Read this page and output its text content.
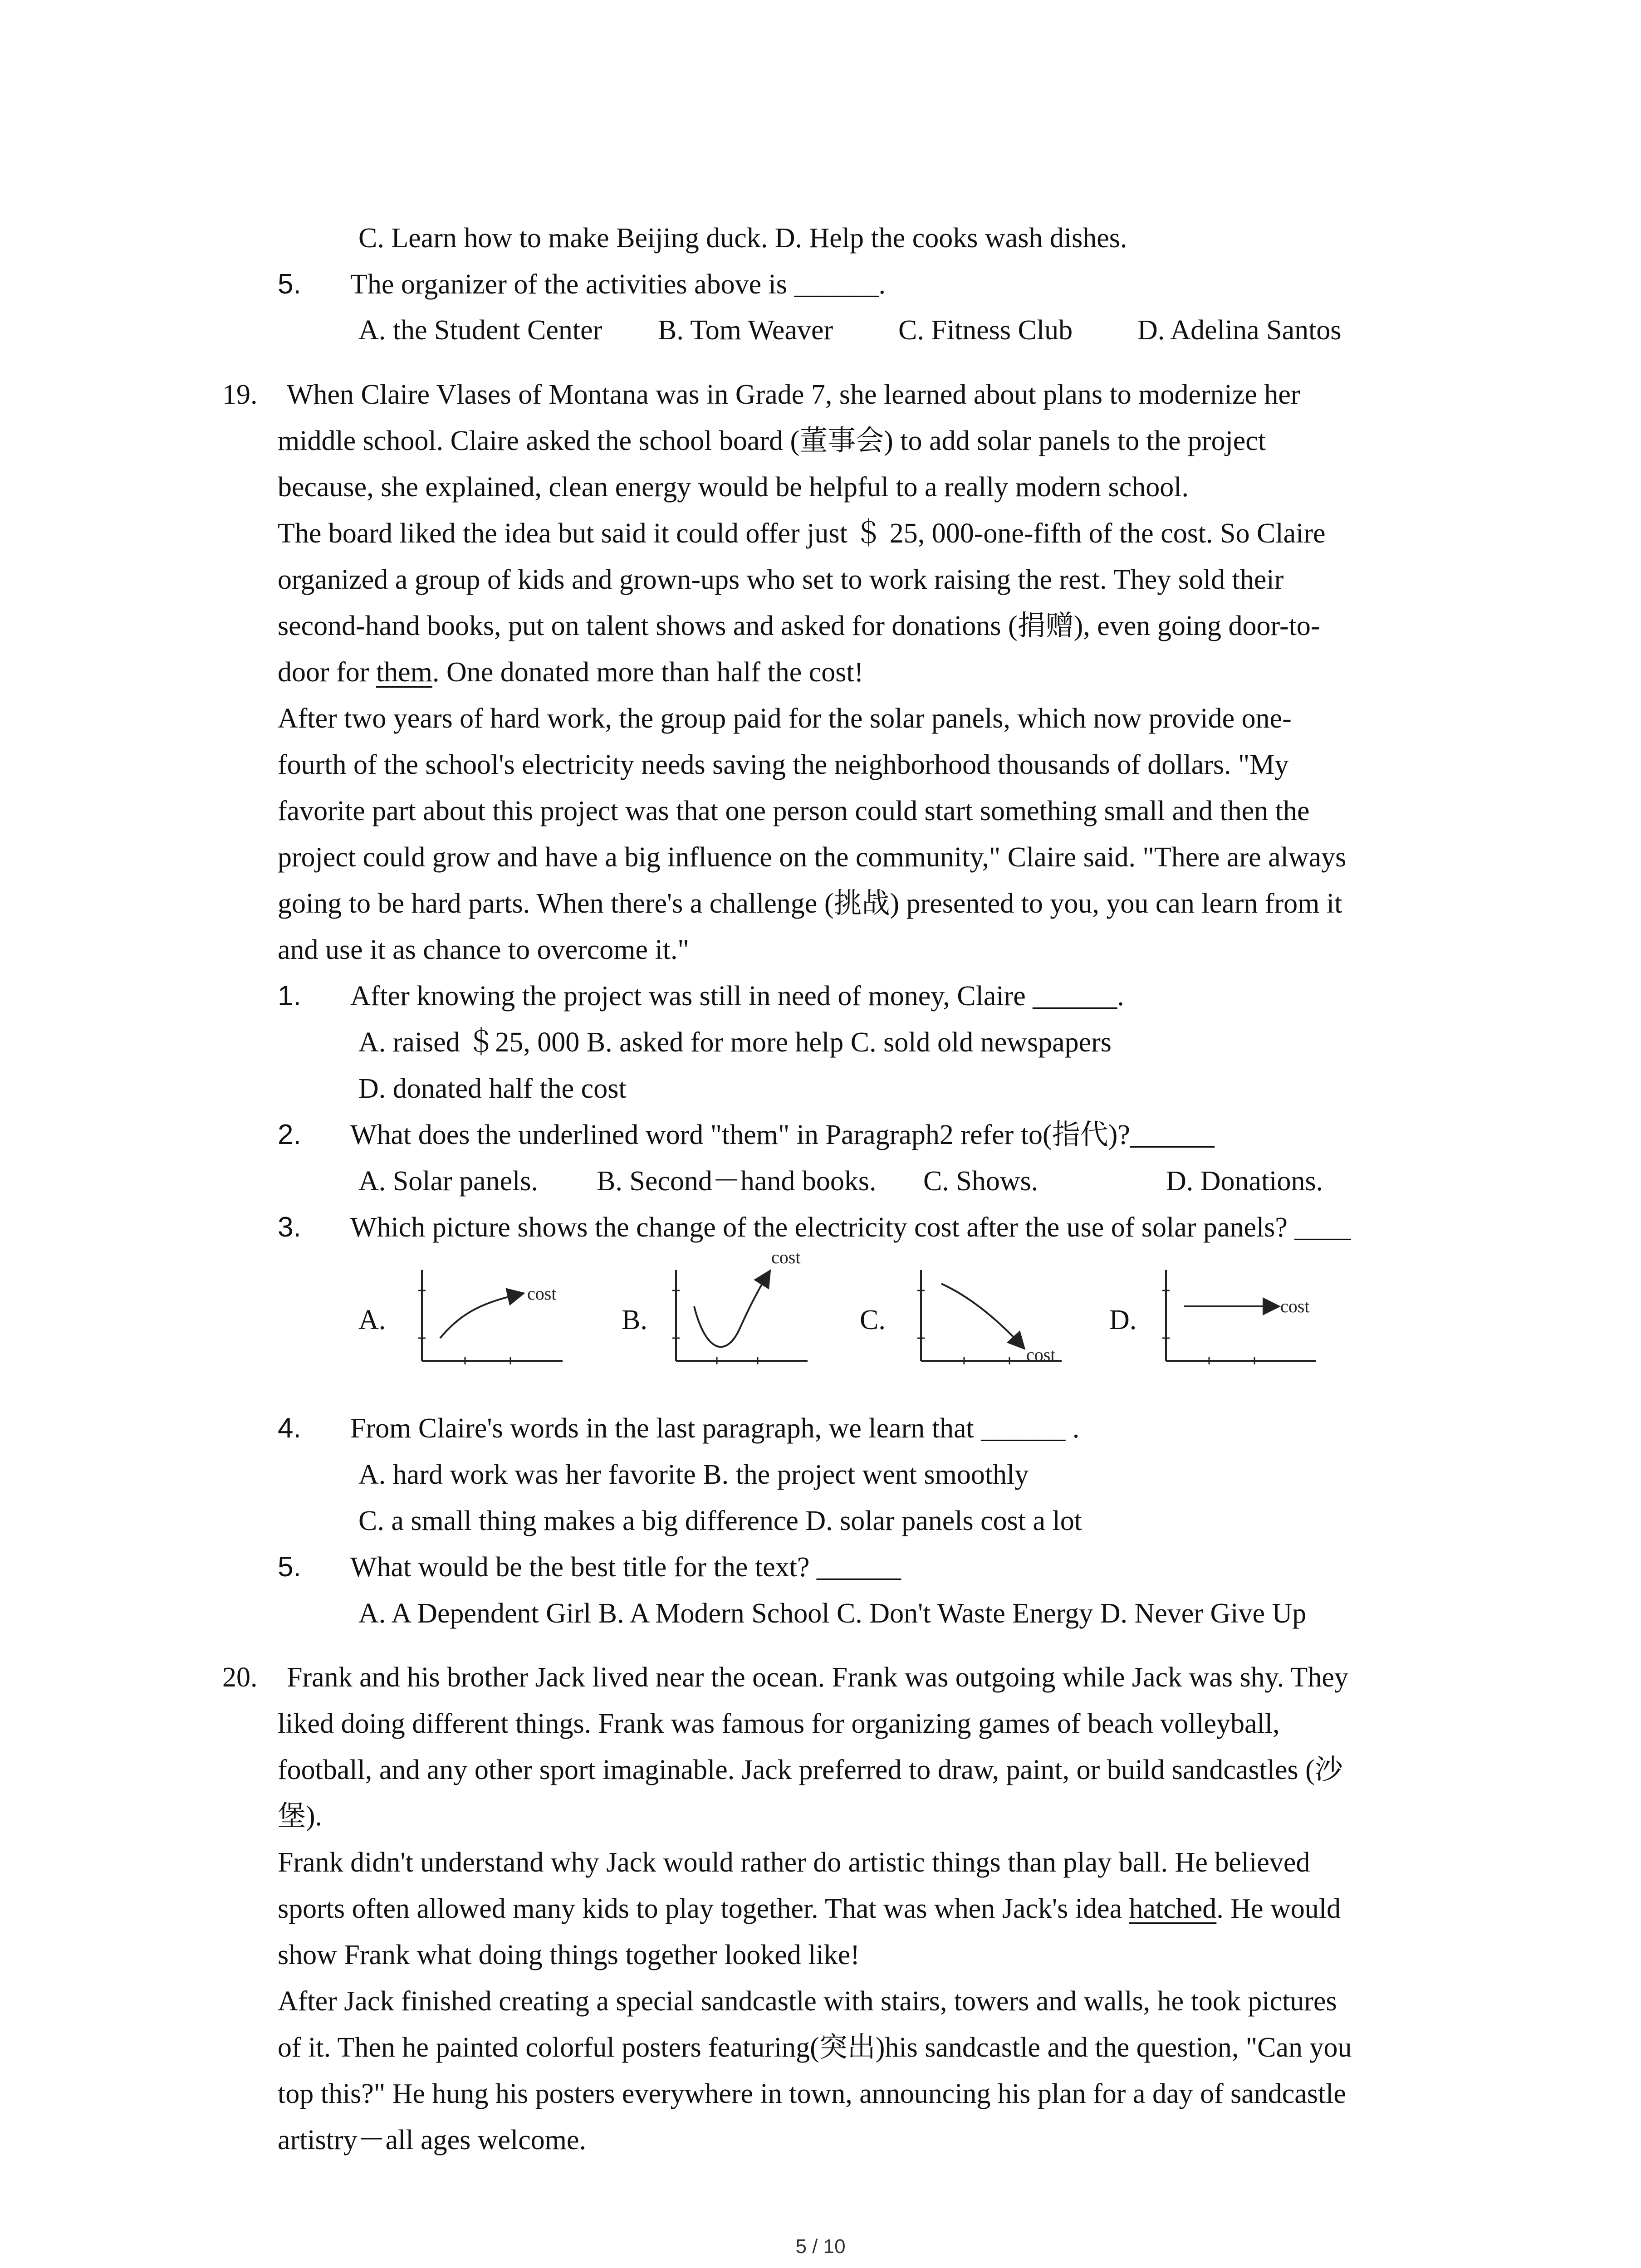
C. Learn how to make Beijing duck. D. Help the cooks wash dishes.
5. The organizer of the activities above is ______.
A. the Student Center B. Tom Weaver C. Fitness Club D. Adelina Santos
19. When Claire Vlases of Montana was in Grade 7, she learned about plans to modernize her
middle school. Claire asked the school board (董事会) to add solar panels to the project
because, she explained, clean energy would be helpful to a really modern school.
The board liked the idea but said it could offer just ＄ 25, 000-one-fifth of the cost. So Claire
organized a group of kids and grown-ups who set to work raising the rest. They sold their
second-hand books, put on talent shows and asked for donations (捐赠), even going door-to-
door for them. One donated more than half the cost!
After two years of hard work, the group paid for the solar panels, which now provide one-
fourth of the school's electricity needs saving the neighborhood thousands of dollars. "My
favorite part about this project was that one person could start something small and then the
project could grow and have a big influence on the community," Claire said. "There are always
going to be hard parts. When there's a challenge (挑战) presented to you, you can learn from it
and use it as chance to overcome it."
1. After knowing the project was still in need of money, Claire ______.
A. raised ＄25, 000 B. asked for more help C. sold old newspapers
D. donated half the cost
2. What does the underlined word "them" in Paragraph2 refer to(指代)?______
A. Solar panels. B. Second－hand books. C. Shows.	D. Donations.
3. Which picture shows the change of the electricity cost after the use of solar panels? ____
A.	B.	C.	D.
cost
cost
cost
cost
4. From Claire's words in the last paragraph, we learn that ______ .
A. hard work was her favorite B. the project went smoothly
C. a small thing makes a big difference D. solar panels cost a lot
5. What would be the best title for the text? ______
A. A Dependent Girl B. A Modern School C. Don't Waste Energy D. Never Give Up
20. Frank and his brother Jack lived near the ocean. Frank was outgoing while Jack was shy. They
liked doing different things. Frank was famous for organizing games of beach volleyball,
football, and any other sport imaginable. Jack preferred to draw, paint, or build sandcastles (沙
堡).
Frank didn't understand why Jack would rather do artistic things than play ball. He believed
sports often allowed many kids to play together. That was when Jack's idea hatched. He would
show Frank what doing things together looked like!
After Jack finished creating a special sandcastle with stairs, towers and walls, he took pictures
of it. Then he painted colorful posters featuring(突出)his sandcastle and the question, "Can you
top this?" He hung his posters everywhere in town, announcing his plan for a day of sandcastle
artistry－all ages welcome.
5 / 10
